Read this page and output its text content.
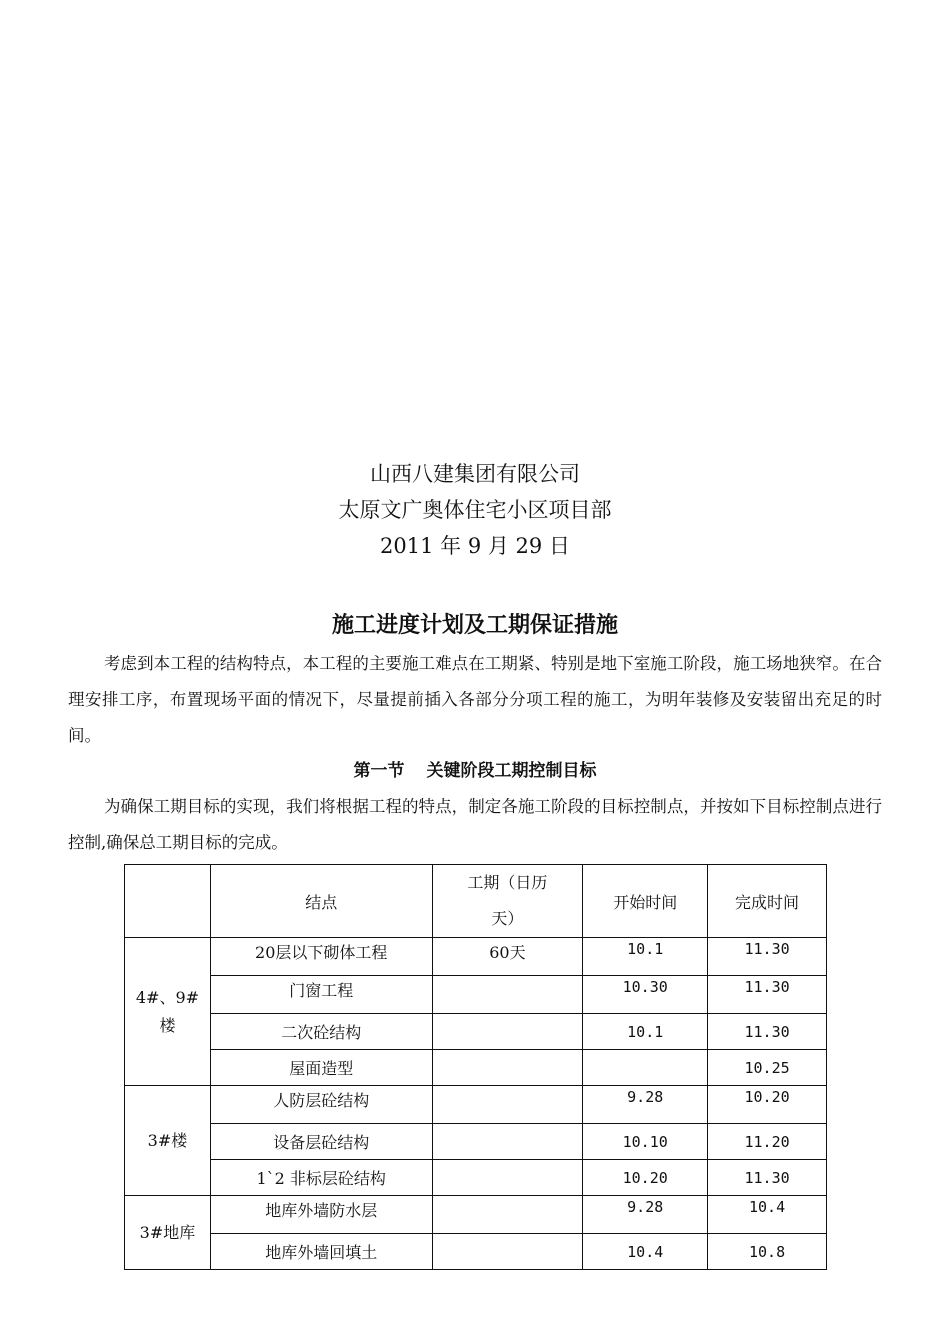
山西八建集团有限公司
太原文广奥体住宅小区项目部
2011 年 9 月 29 日
施工进度计划及工期保证措施
考虑到本工程的结构特点，本工程的主要施工难点在工期紧、特别是地下室施工阶段，施工场地狭窄。在合理安排工序，布置现场平面的情况下，尽量提前插入各部分分项工程的施工，为明年装修及安装留出充足的时间。
第一节 关键阶段工期控制目标
为确保工期目标的实现，我们将根据工程的特点，制定各施工阶段的目标控制点，并按如下目标控制点进行控制,确保总工期目标的完成。
	结点	工期（日历
天）	开始时间	完成时间

4#、9#
楼	20层以下砌体工程	60天	10.1	11.30
	门窗工程		10.30	11.30
	二次砼结构		10.1	11.30
	屋面造型			10.25

3#楼	人防层砼结构		9.28	10.20
	设备层砼结构		10.10	11.20
	1`2 非标层砼结构		10.20	11.30

3#地库	地库外墙防水层		9.28	10.4
	地库外墙回填土		10.4	10.8
